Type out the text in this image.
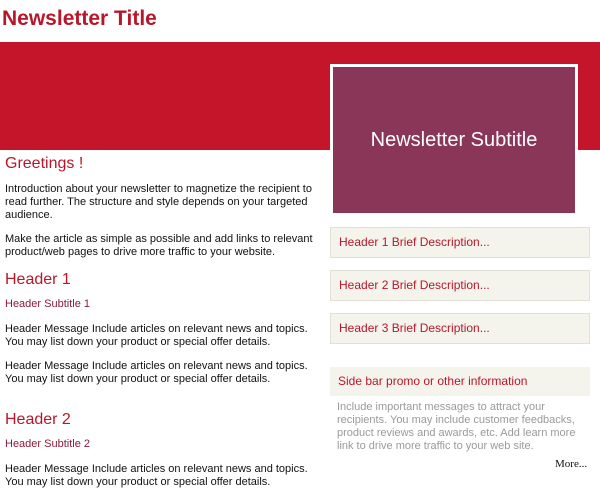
Newsletter Title
Newsletter Subtitle
Greetings !

Introduction about your newsletter to magnetize the recipient to read further. The structure and style depends on your targeted audience.

Make the article as simple as possible and add links to relevant product/web pages to drive more traffic to your website.

Header 1
Header Subtitle 1

Header Message Include articles on relevant news and topics. You may list down your product or special offer details.

Header Message Include articles on relevant news and topics. You may list down your product or special offer details.

Header 2
Header Subtitle 2

Header Message Include articles on relevant news and topics. You may list down your product or special offer details.

Header 1 Brief Description...
Header 2 Brief Description...
Header 3 Brief Description...
Side bar promo or other information
Include important messages to attract your recipients. You may include customer feedbacks, product reviews and awards, etc. Add learn more link to drive more traffic to your web site.
More...
